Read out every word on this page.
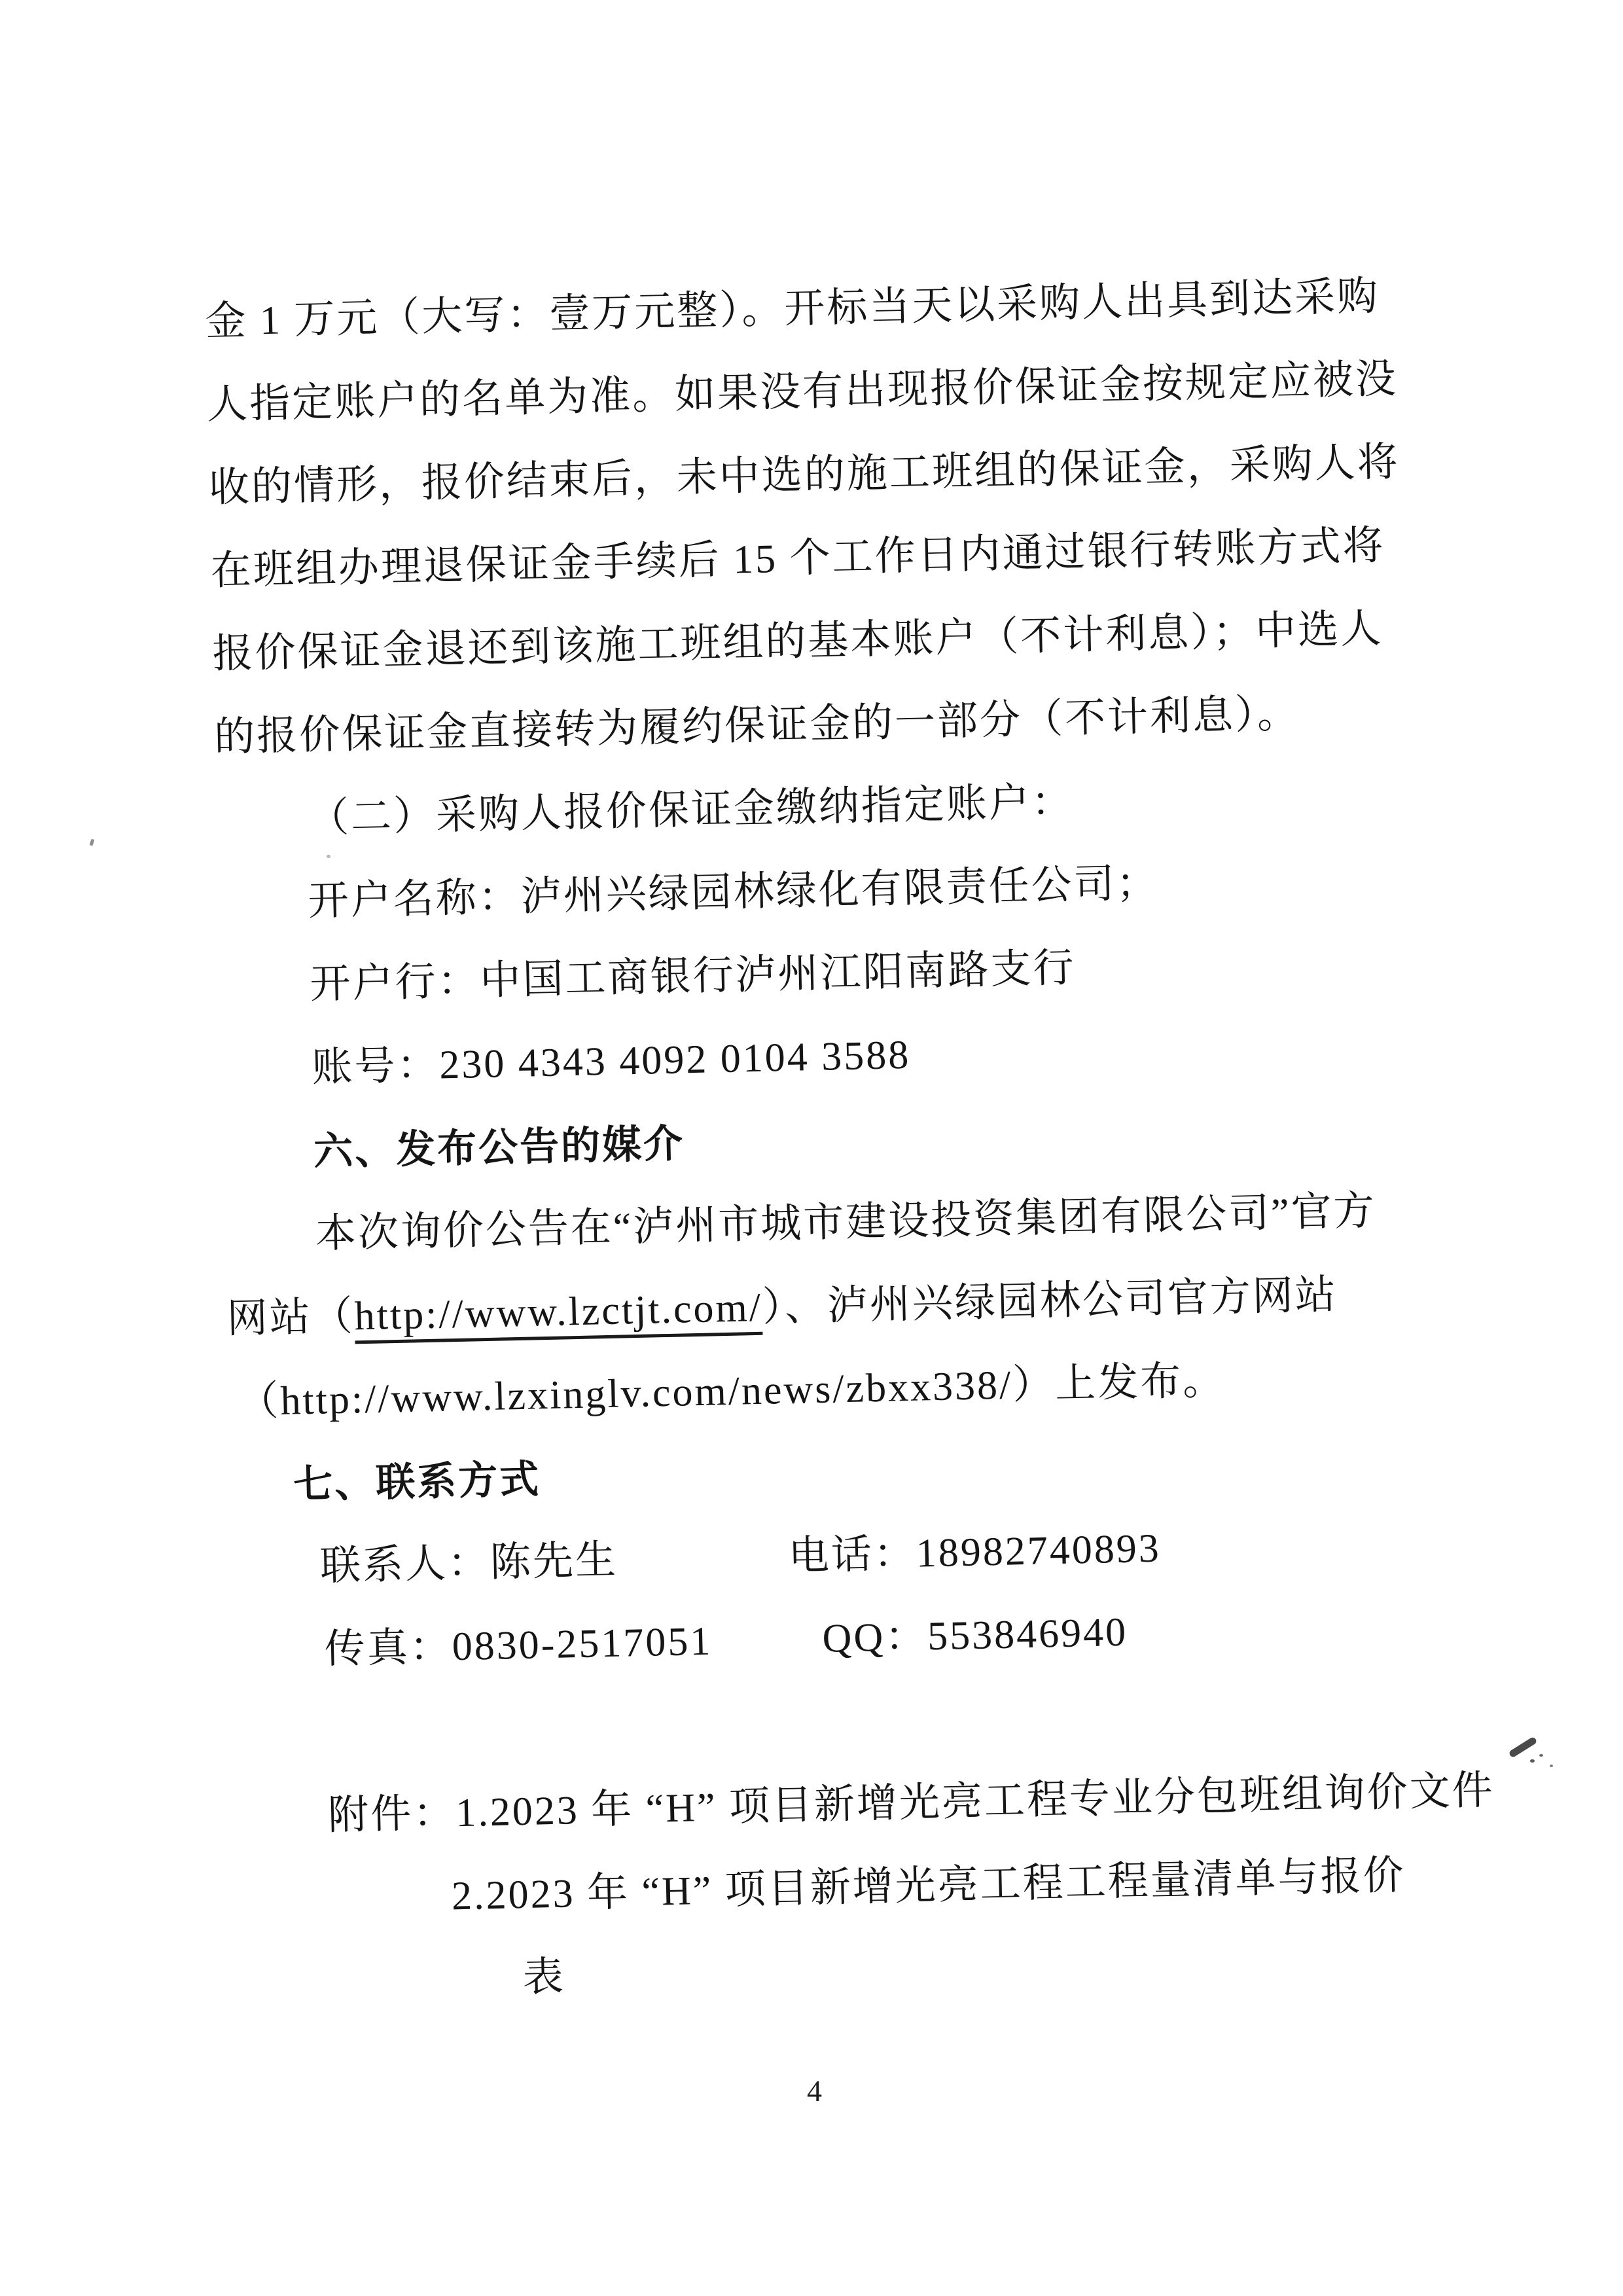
金 1 万元（大写：壹万元整）。开标当天以采购人出具到达采购
人指定账户的名单为准。如果没有出现报价保证金按规定应被没
收的情形，报价结束后，未中选的施工班组的保证金，采购人将
在班组办理退保证金手续后 15 个工作日内通过银行转账方式将
报价保证金退还到该施工班组的基本账户（不计利息）；中选人
的报价保证金直接转为履约保证金的一部分（不计利息）。
（二）采购人报价保证金缴纳指定账户：
开户名称：泸州兴绿园林绿化有限责任公司；
开户行：中国工商银行泸州江阳南路支行
账号：230 4343 4092 0104 3588
六、发布公告的媒介
本次询价公告在“泸州市城市建设投资集团有限公司”官方
网站（http://www.lzctjt.com/）、泸州兴绿园林公司官方网站
（http://www.lzxinglv.com/news/zbxx338/）上发布。
七、联系方式
联系人：陈先生	电话：18982740893
传真：0830-2517051	QQ：553846940
附件：1.2023 年 “H” 项目新增光亮工程专业分包班组询价文件
2.2023 年 “H” 项目新增光亮工程工程量清单与报价
表
4
